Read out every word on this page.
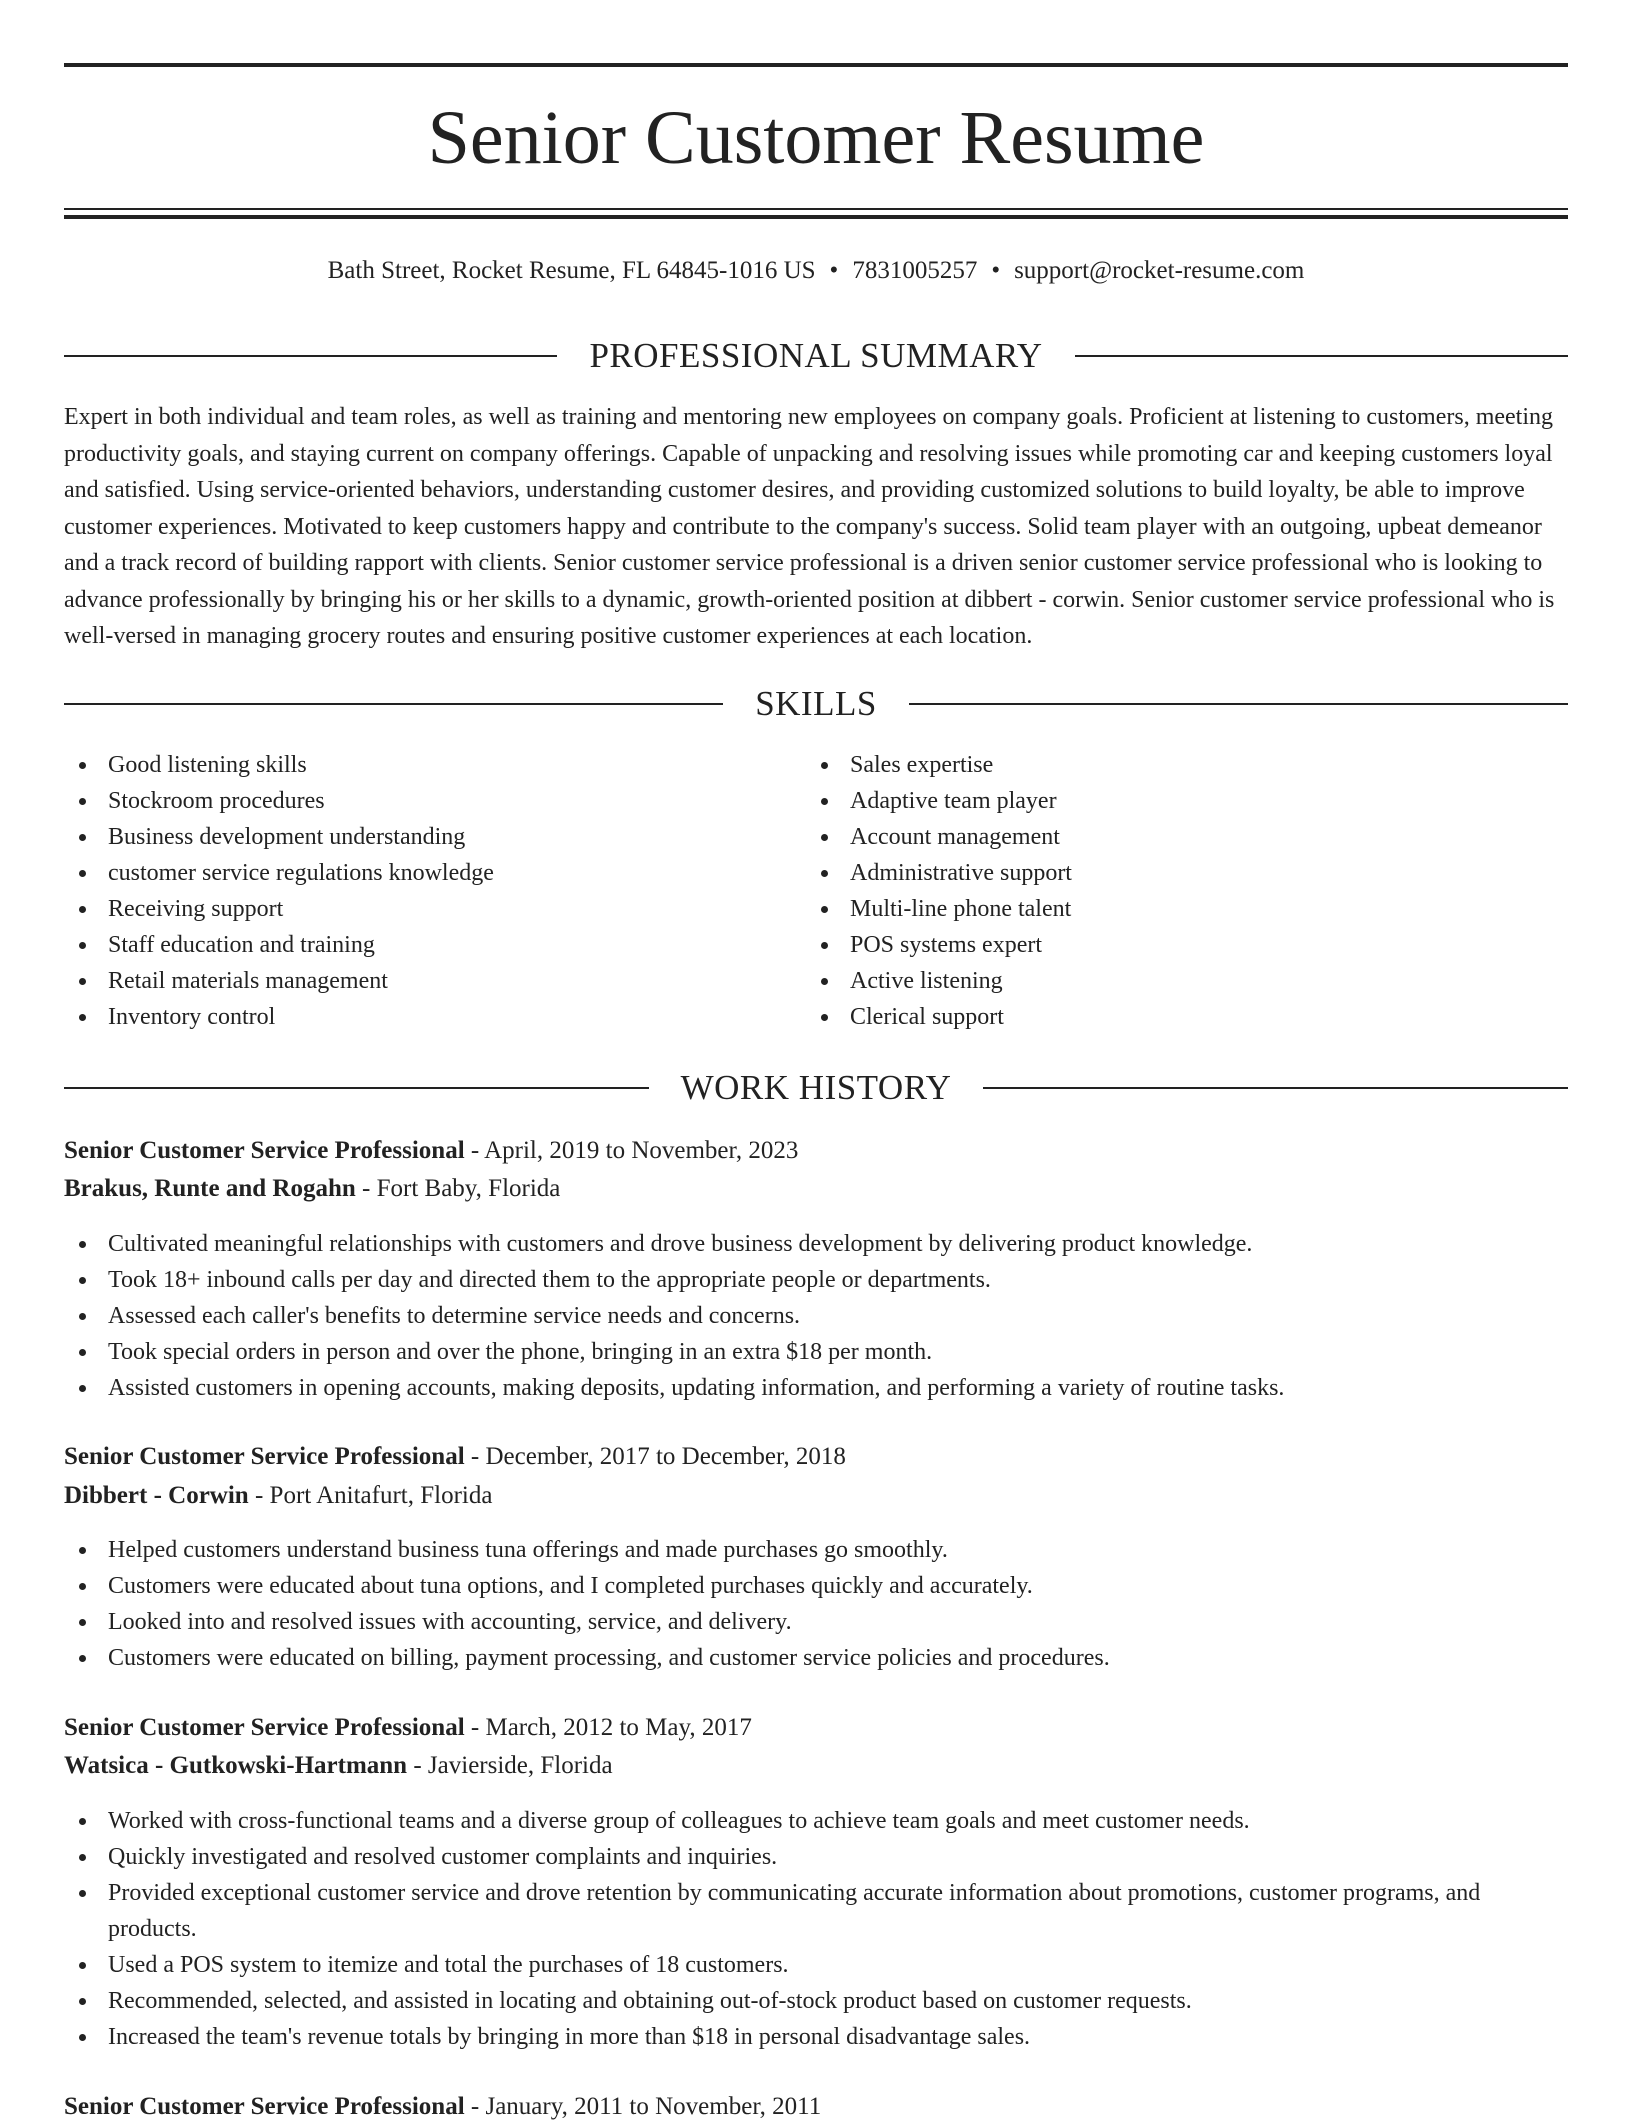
Senior Customer Resume
Bath Street, Rocket Resume, FL 64845-1016 US • 7831005257 • support@rocket-resume.com
PROFESSIONAL SUMMARY

Expert in both individual and team roles, as well as training and mentoring new employees on company goals. Proficient at listening to customers, meeting productivity goals, and staying current on company offerings. Capable of unpacking and resolving issues while promoting car and keeping customers loyal and satisfied. Using service-oriented behaviors, understanding customer desires, and providing customized solutions to build loyalty, be able to improve customer experiences. Motivated to keep customers happy and contribute to the company's success. Solid team player with an outgoing, upbeat demeanor and a track record of building rapport with clients. Senior customer service professional is a driven senior customer service professional who is looking to advance professionally by bringing his or her skills to a dynamic, growth-oriented position at dibbert - corwin. Senior customer service professional who is well-versed in managing grocery routes and ensuring positive customer experiences at each location.

SKILLS
Good listening skills
Stockroom procedures
Business development understanding
customer service regulations knowledge
Receiving support
Staff education and training
Retail materials management
Inventory control
Sales expertise
Adaptive team player
Account management
Administrative support
Multi-line phone talent
POS systems expert
Active listening
Clerical support
WORK HISTORY
Senior Customer Service Professional - April, 2019 to November, 2023
Brakus, Runte and Rogahn - Fort Baby, Florida
Cultivated meaningful relationships with customers and drove business development by delivering product knowledge.
Took 18+ inbound calls per day and directed them to the appropriate people or departments.
Assessed each caller's benefits to determine service needs and concerns.
Took special orders in person and over the phone, bringing in an extra $18 per month.
Assisted customers in opening accounts, making deposits, updating information, and performing a variety of routine tasks.
Senior Customer Service Professional - December, 2017 to December, 2018
Dibbert - Corwin - Port Anitafurt, Florida
Helped customers understand business tuna offerings and made purchases go smoothly.
Customers were educated about tuna options, and I completed purchases quickly and accurately.
Looked into and resolved issues with accounting, service, and delivery.
Customers were educated on billing, payment processing, and customer service policies and procedures.
Senior Customer Service Professional - March, 2012 to May, 2017
Watsica - Gutkowski-Hartmann - Javierside, Florida
Worked with cross-functional teams and a diverse group of colleagues to achieve team goals and meet customer needs.
Quickly investigated and resolved customer complaints and inquiries.
Provided exceptional customer service and drove retention by communicating accurate information about promotions, customer programs, and products.
Used a POS system to itemize and total the purchases of 18 customers.
Recommended, selected, and assisted in locating and obtaining out-of-stock product based on customer requests.
Increased the team's revenue totals by bringing in more than $18 in personal disadvantage sales.
Senior Customer Service Professional - January, 2011 to November, 2011
